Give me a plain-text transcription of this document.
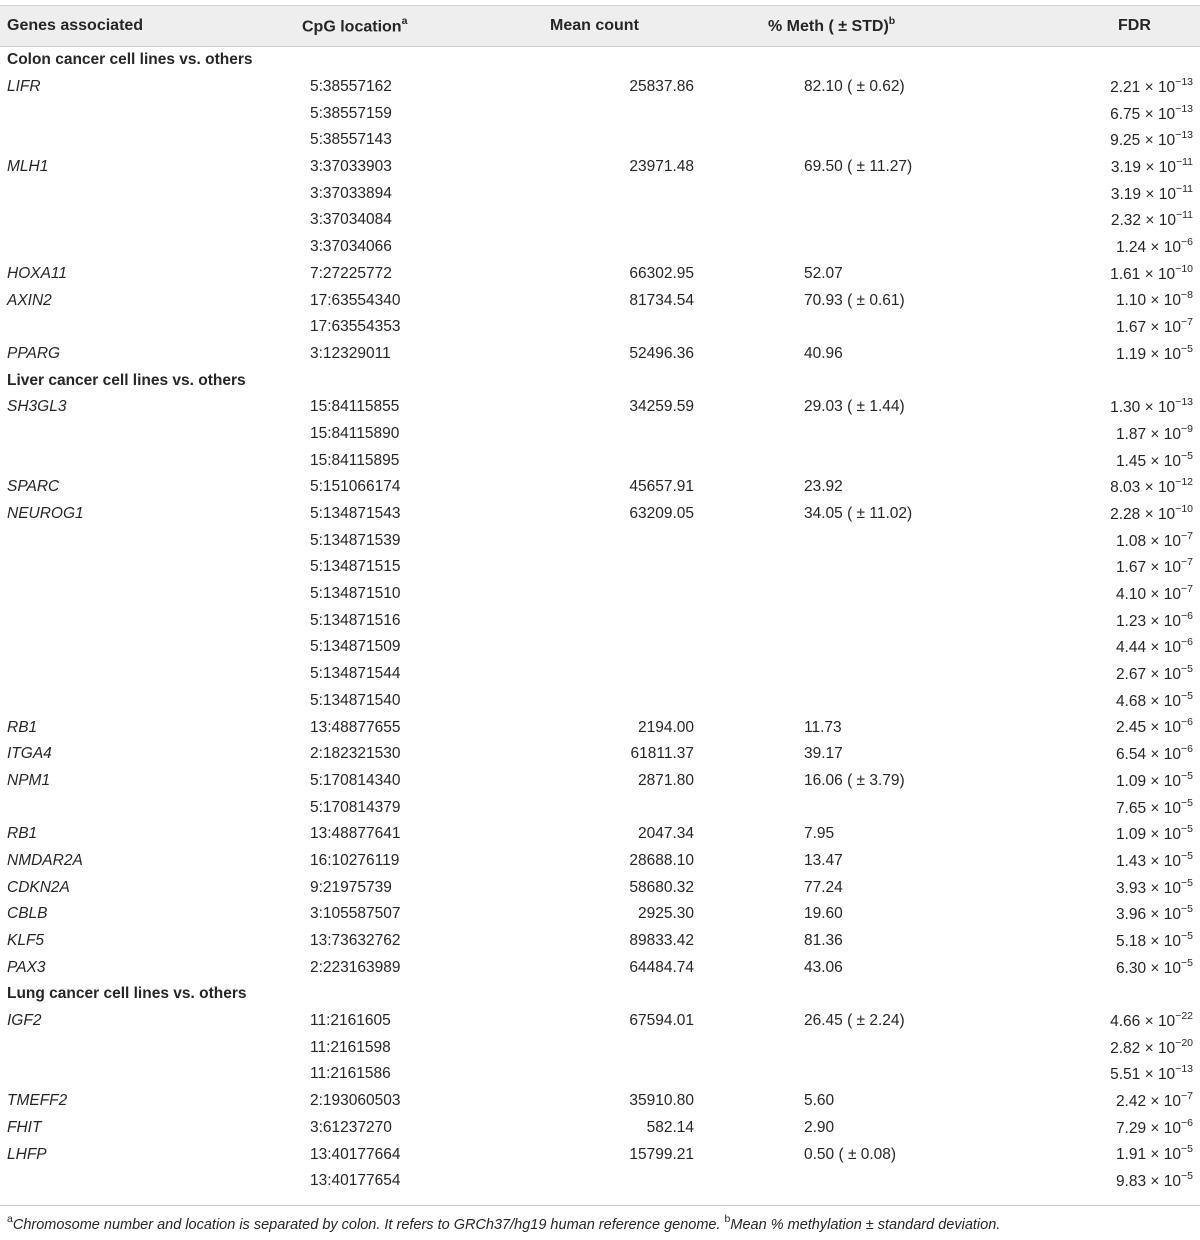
Genes associated	CpG location$^a$	Mean count	% Meth ( ± STD)$^b$	FDR
Colon cancer cell lines vs. others				
LIFR	5:38557162	25837.86	82.10 ( ± 0.62)	$2.21 \times 10^{-13}$
	5:38557159			$6.75 \times 10^{-13}$
	5:38557143			$9.25 \times 10^{-13}$
MLH1	3:37033903	23971.48	69.50 ( ± 11.27)	$3.19 \times 10^{-11}$
	3:37033894			$3.19 \times 10^{-11}$
	3:37034084			$2.32 \times 10^{-11}$
	3:37034066			$1.24 \times 10^{-6}$
HOXA11	7:27225772	66302.95	52.07	$1.61 \times 10^{-10}$
AXIN2	17:63554340	81734.54	70.93 ( ± 0.61)	$1.10 \times 10^{-8}$
	17:63554353			$1.67 \times 10^{-7}$
PPARG	3:12329011	52496.36	40.96	$1.19 \times 10^{-5}$
Liver cancer cell lines vs. others				
SH3GL3	15:84115855	34259.59	29.03 ( ± 1.44)	$1.30 \times 10^{-13}$
	15:84115890			$1.87 \times 10^{-9}$
	15:84115895			$1.45 \times 10^{-5}$
SPARC	5:151066174	45657.91	23.92	$8.03 \times 10^{-12}$
NEUROG1	5:134871543	63209.05	34.05 ( ± 11.02)	$2.28 \times 10^{-10}$
	5:134871539			$1.08 \times 10^{-7}$
	5:134871515			$1.67 \times 10^{-7}$
	5:134871510			$4.10 \times 10^{-7}$
	5:134871516			$1.23 \times 10^{-6}$
	5:134871509			$4.44 \times 10^{-6}$
	5:134871544			$2.67 \times 10^{-5}$
	5:134871540			$4.68 \times 10^{-5}$
RB1	13:48877655	2194.00	11.73	$2.45 \times 10^{-6}$
ITGA4	2:182321530	61811.37	39.17	$6.54 \times 10^{-6}$
NPM1	5:170814340	2871.80	16.06 ( ± 3.79)	$1.09 \times 10^{-5}$
	5:170814379			$7.65 \times 10^{-5}$
RB1	13:48877641	2047.34	7.95	$1.09 \times 10^{-5}$
NMDAR2A	16:10276119	28688.10	13.47	$1.43 \times 10^{-5}$
CDKN2A	9:21975739	58680.32	77.24	$3.93 \times 10^{-5}$
CBLB	3:105587507	2925.30	19.60	$3.96 \times 10^{-5}$
KLF5	13:73632762	89833.42	81.36	$5.18 \times 10^{-5}$
PAX3	2:223163989	64484.74	43.06	$6.30 \times 10^{-5}$
Lung cancer cell lines vs. others				
IGF2	11:2161605	67594.01	26.45 ( ± 2.24)	$4.66 \times 10^{-22}$
	11:2161598			$2.82 \times 10^{-20}$
	11:2161586			$5.51 \times 10^{-13}$
TMEFF2	2:193060503	35910.80	5.60	$2.42 \times 10^{-7}$
FHIT	3:61237270	582.14	2.90	$7.29 \times 10^{-6}$
LHFP	13:40177664	15799.21	0.50 ( ± 0.08)	$1.91 \times 10^{-5}$
	13:40177654			$9.83 \times 10^{-5}$
$^a$Chromosome number and location is separated by colon. It refers to GRCh37/hg19 human reference genome. $^b$Mean % methylation ± standard deviation.
